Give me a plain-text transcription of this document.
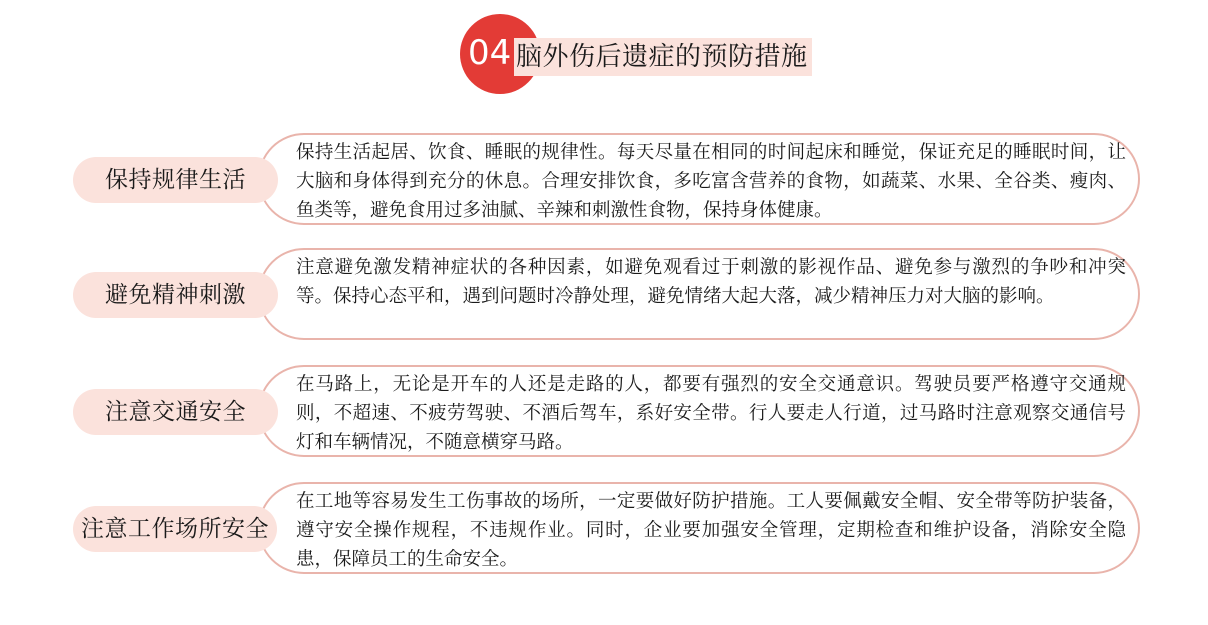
04 脑外伤后遗症的预防措施
保持生活起居、饮食、睡眠的规律性。每天尽量在相同的时间起床和睡觉，保证充足的睡眠时间，让大脑和身体得到充分的休息。合理安排饮食，多吃富含营养的食物，如蔬菜、水果、全谷类、瘦肉、鱼类等，避免食用过多油腻、辛辣和刺激性食物，保持身体健康。
保持规律生活
注意避免激发精神症状的各种因素，如避免观看过于刺激的影视作品、避免参与激烈的争吵和冲突等。保持心态平和，遇到问题时冷静处理，避免情绪大起大落，减少精神压力对大脑的影响。
避免精神刺激
在马路上，无论是开车的人还是走路的人，都要有强烈的安全交通意识。驾驶员要严格遵守交通规则，不超速、不疲劳驾驶、不酒后驾车，系好安全带。行人要走人行道，过马路时注意观察交通信号灯和车辆情况，不随意横穿马路。
注意交通安全
在工地等容易发生工伤事故的场所，一定要做好防护措施。工人要佩戴安全帽、安全带等防护装备，遵守安全操作规程，不违规作业。同时，企业要加强安全管理，定期检查和维护设备，消除安全隐患，保障员工的生命安全。
注意工作场所安全
